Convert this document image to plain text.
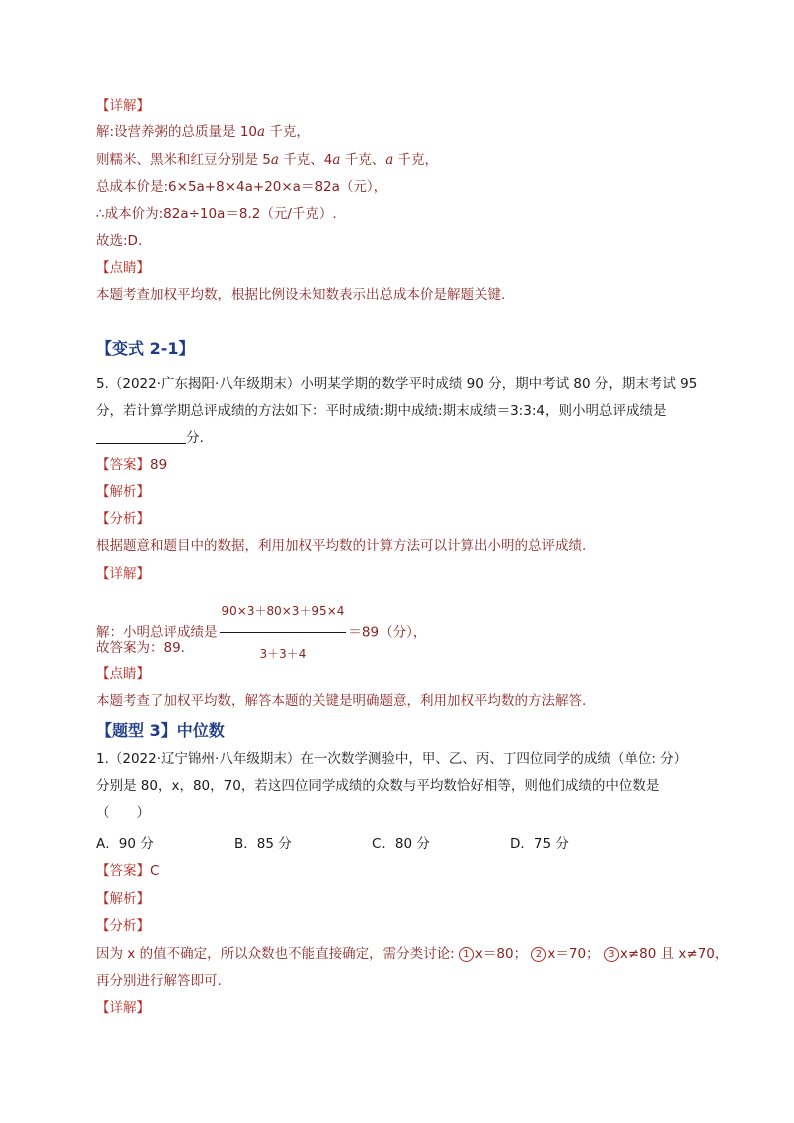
【详解】
解:设营养粥的总质量是 10a 千克，
则糯米、黑米和红豆分别是 5a 千克、4a 千克、a 千克，
总成本价是:6×5a+8×4a+20×a＝82a（元），
∴成本价为:82a÷10a＝8.2（元/千克）.
故选:D.
【点睛】
本题考查加权平均数，根据比例设未知数表示出总成本价是解题关键.
【变式 2-1】
5.（2022·广东揭阳·八年级期末）小明某学期的数学平时成绩 90 分，期中考试 80 分，期末考试 95
分，若计算学期总评成绩的方法如下：平时成绩:期中成绩:期末成绩＝3:3:4，则小明总评成绩是
分.
【答案】89
【解析】
【分析】
根据题意和题目中的数据，利用加权平均数的计算方法可以计算出小明的总评成绩.
【详解】
解：小明总评成绩是 $\frac{90\times 3+80\times 3+95\times 4}{3+3+4} =89$（分），
故答案为：89.
【点睛】
本题考查了加权平均数，解答本题的关键是明确题意，利用加权平均数的方法解答.
【题型 3】中位数
1.（2022·辽宁锦州·八年级期末）在一次数学测验中，甲、乙、丙、丁四位同学的成绩（单位: 分）
分别是 80，x，80，70，若这四位同学成绩的众数与平均数恰好相等，则他们成绩的中位数是
（　　）
A．90 分	B．85 分	C．80 分	D．75 分
【答案】C
【解析】
【分析】
因为 x 的值不确定，所以众数也不能直接确定，需分类讨论: 1 x＝80； 2 x＝70； 3 x≠80 且 x≠70，
再分别进行解答即可.
【详解】
